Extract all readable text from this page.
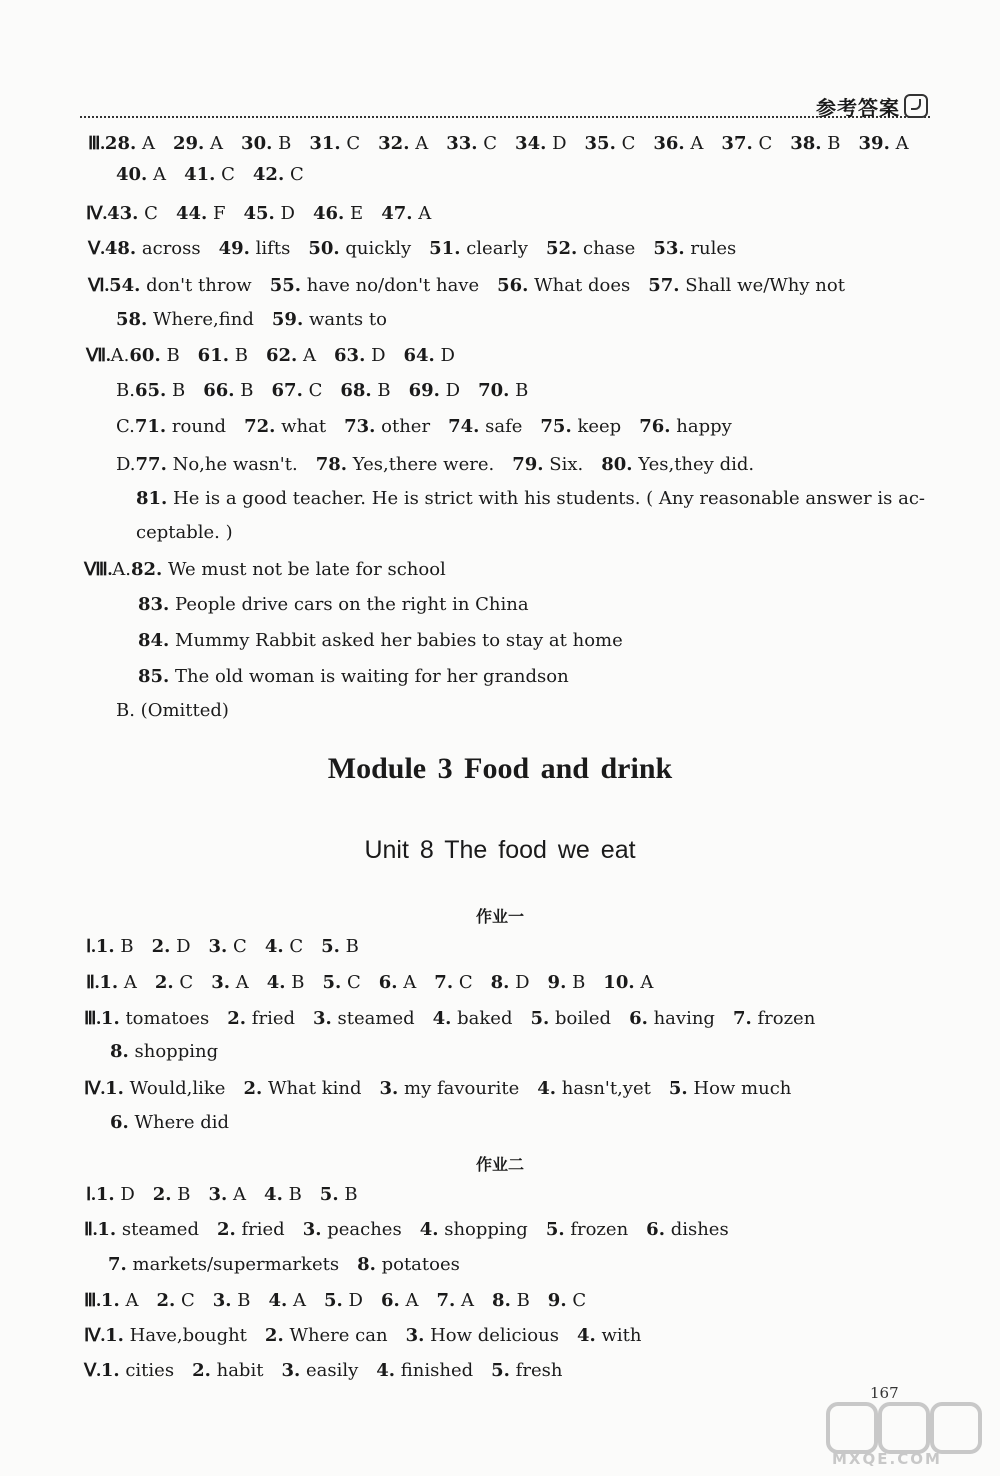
参考答案
Ⅲ.28. A 29. A 30. B 31. C 32. A 33. C 34. D 35. C 36. A 37. C 38. B 39. A
40. A 41. C 42. C
Ⅳ.43. C 44. F 45. D 46. E 47. A
Ⅴ.48. across 49. lifts 50. quickly 51. clearly 52. chase 53. rules
Ⅵ.54. don't throw 55. have no/don't have 56. What does 57. Shall we/Why not
58. Where,find 59. wants to
Ⅶ.A.60. B 61. B 62. A 63. D 64. D
B.65. B 66. B 67. C 68. B 69. D 70. B
C.71. round 72. what 73. other 74. safe 75. keep 76. happy
D.77. No,he wasn't. 78. Yes,there were. 79. Six. 80. Yes,they did.
81. He is a good teacher. He is strict with his students. ( Any reasonable answer is ac-
ceptable. )
Ⅷ.A.82. We must not be late for school
83. People drive cars on the right in China
84. Mummy Rabbit asked her babies to stay at home
85. The old woman is waiting for her grandson
B. (Omitted)
Module 3 Food and drink
Unit 8 The food we eat
作业一
Ⅰ.1. B 2. D 3. C 4. C 5. B
Ⅱ.1. A 2. C 3. A 4. B 5. C 6. A 7. C 8. D 9. B 10. A
Ⅲ.1. tomatoes 2. fried 3. steamed 4. baked 5. boiled 6. having 7. frozen
8. shopping
Ⅳ.1. Would,like 2. What kind 3. my favourite 4. hasn't,yet 5. How much
6. Where did
作业二
Ⅰ.1. D 2. B 3. A 4. B 5. B
Ⅱ.1. steamed 2. fried 3. peaches 4. shopping 5. frozen 6. dishes
7. markets/supermarkets 8. potatoes
Ⅲ.1. A 2. C 3. B 4. A 5. D 6. A 7. A 8. B 9. C
Ⅳ.1. Have,bought 2. Where can 3. How delicious 4. with
Ⅴ.1. cities 2. habit 3. easily 4. finished 5. fresh
167
MXQE.COM
